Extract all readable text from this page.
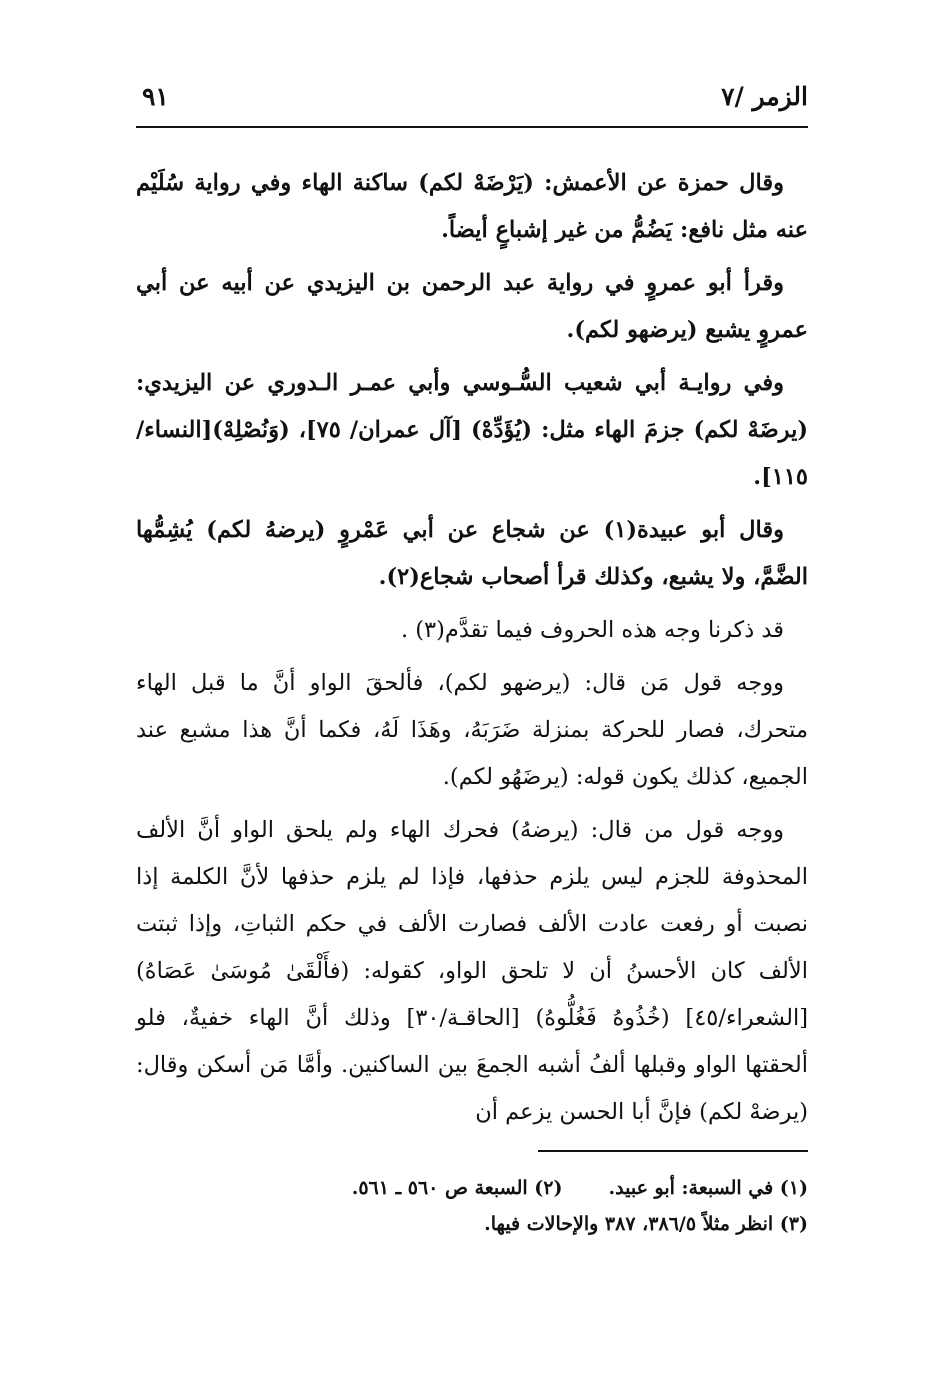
الزمر /٧
٩١

وقال حمزة عن الأعمش: (يَرْضَهْ لكم) ساكنة الهاء وفي رواية سُلَيْم عنه مثل نافع: يَضُمُّ من غير إشباعٍ أيضاً.

وقرأ أبو عمروٍ في رواية عبد الرحمن بن اليزيدي عن أبيه عن أبي عمروٍ يشبع (يرضهو لكم).

وفي روايـة أبي شعيب السُّـوسي وأبي عمـر الـدوري عن اليزيدي: (يرضَهْ لكم) جزمَ الهاء مثل: (يُؤَدِّهْ) [آل عمران/ ٧٥]، (وَنُصْلِهْ)[النساء/١١٥].

وقال أبو عبيدة(١) عن شجاع عن أبي عَمْروٍ (يرضهُ لكم) يُشِمُّها الضَّمَّ، ولا يشبع، وكذلك قرأ أصحاب شجاع(٢).

قد ذكرنا وجه هذه الحروف فيما تقدَّم(٣) .

ووجه قول مَن قال: (يرضهو لكم)، فألحقَ الواو أنَّ ما قبل الهاء متحرك، فصار للحركة بمنزلة ضَرَبَهُ، وهَذَا لَهُ، فكما أنَّ هذا مشبع عند الجميع، كذلك يكون قوله: (يرضَهُو لكم).

ووجه قول من قال: (يرضهُ) فحرك الهاء ولم يلحق الواو أنَّ الألف المحذوفة للجزم ليس يلزم حذفها، فإذا لم يلزم حذفها لأنَّ الكلمة إذا نصبت أو رفعت عادت الألف فصارت الألف في حكم الثباتِ، وإذا ثبتت الألف كان الأحسنُ أن لا تلحق الواو، كقوله: (فأَلْقَىٰ مُوسَىٰ عَصَاهُ) [الشعراء/٤٥] (خُذُوهُ فَغُلُّوهُ) [الحاقـة/٣٠] وذلك أنَّ الهاء خفيةٌ، فلو ألحقتها الواو وقبلها ألفُ أشبه الجمعَ بين الساكنين. وأمَّا مَن أسكن وقال: (يرضهْ لكم) فإنَّ أبا الحسن يزعم أن

(١) في السبعة: أبو عبيد.
(٢) السبعة ص ٥٦٠ ـ ٥٦١.
(٣) انظر مثلاً ٣٨٦/٥، ٣٨٧ والإحالات فيها.
